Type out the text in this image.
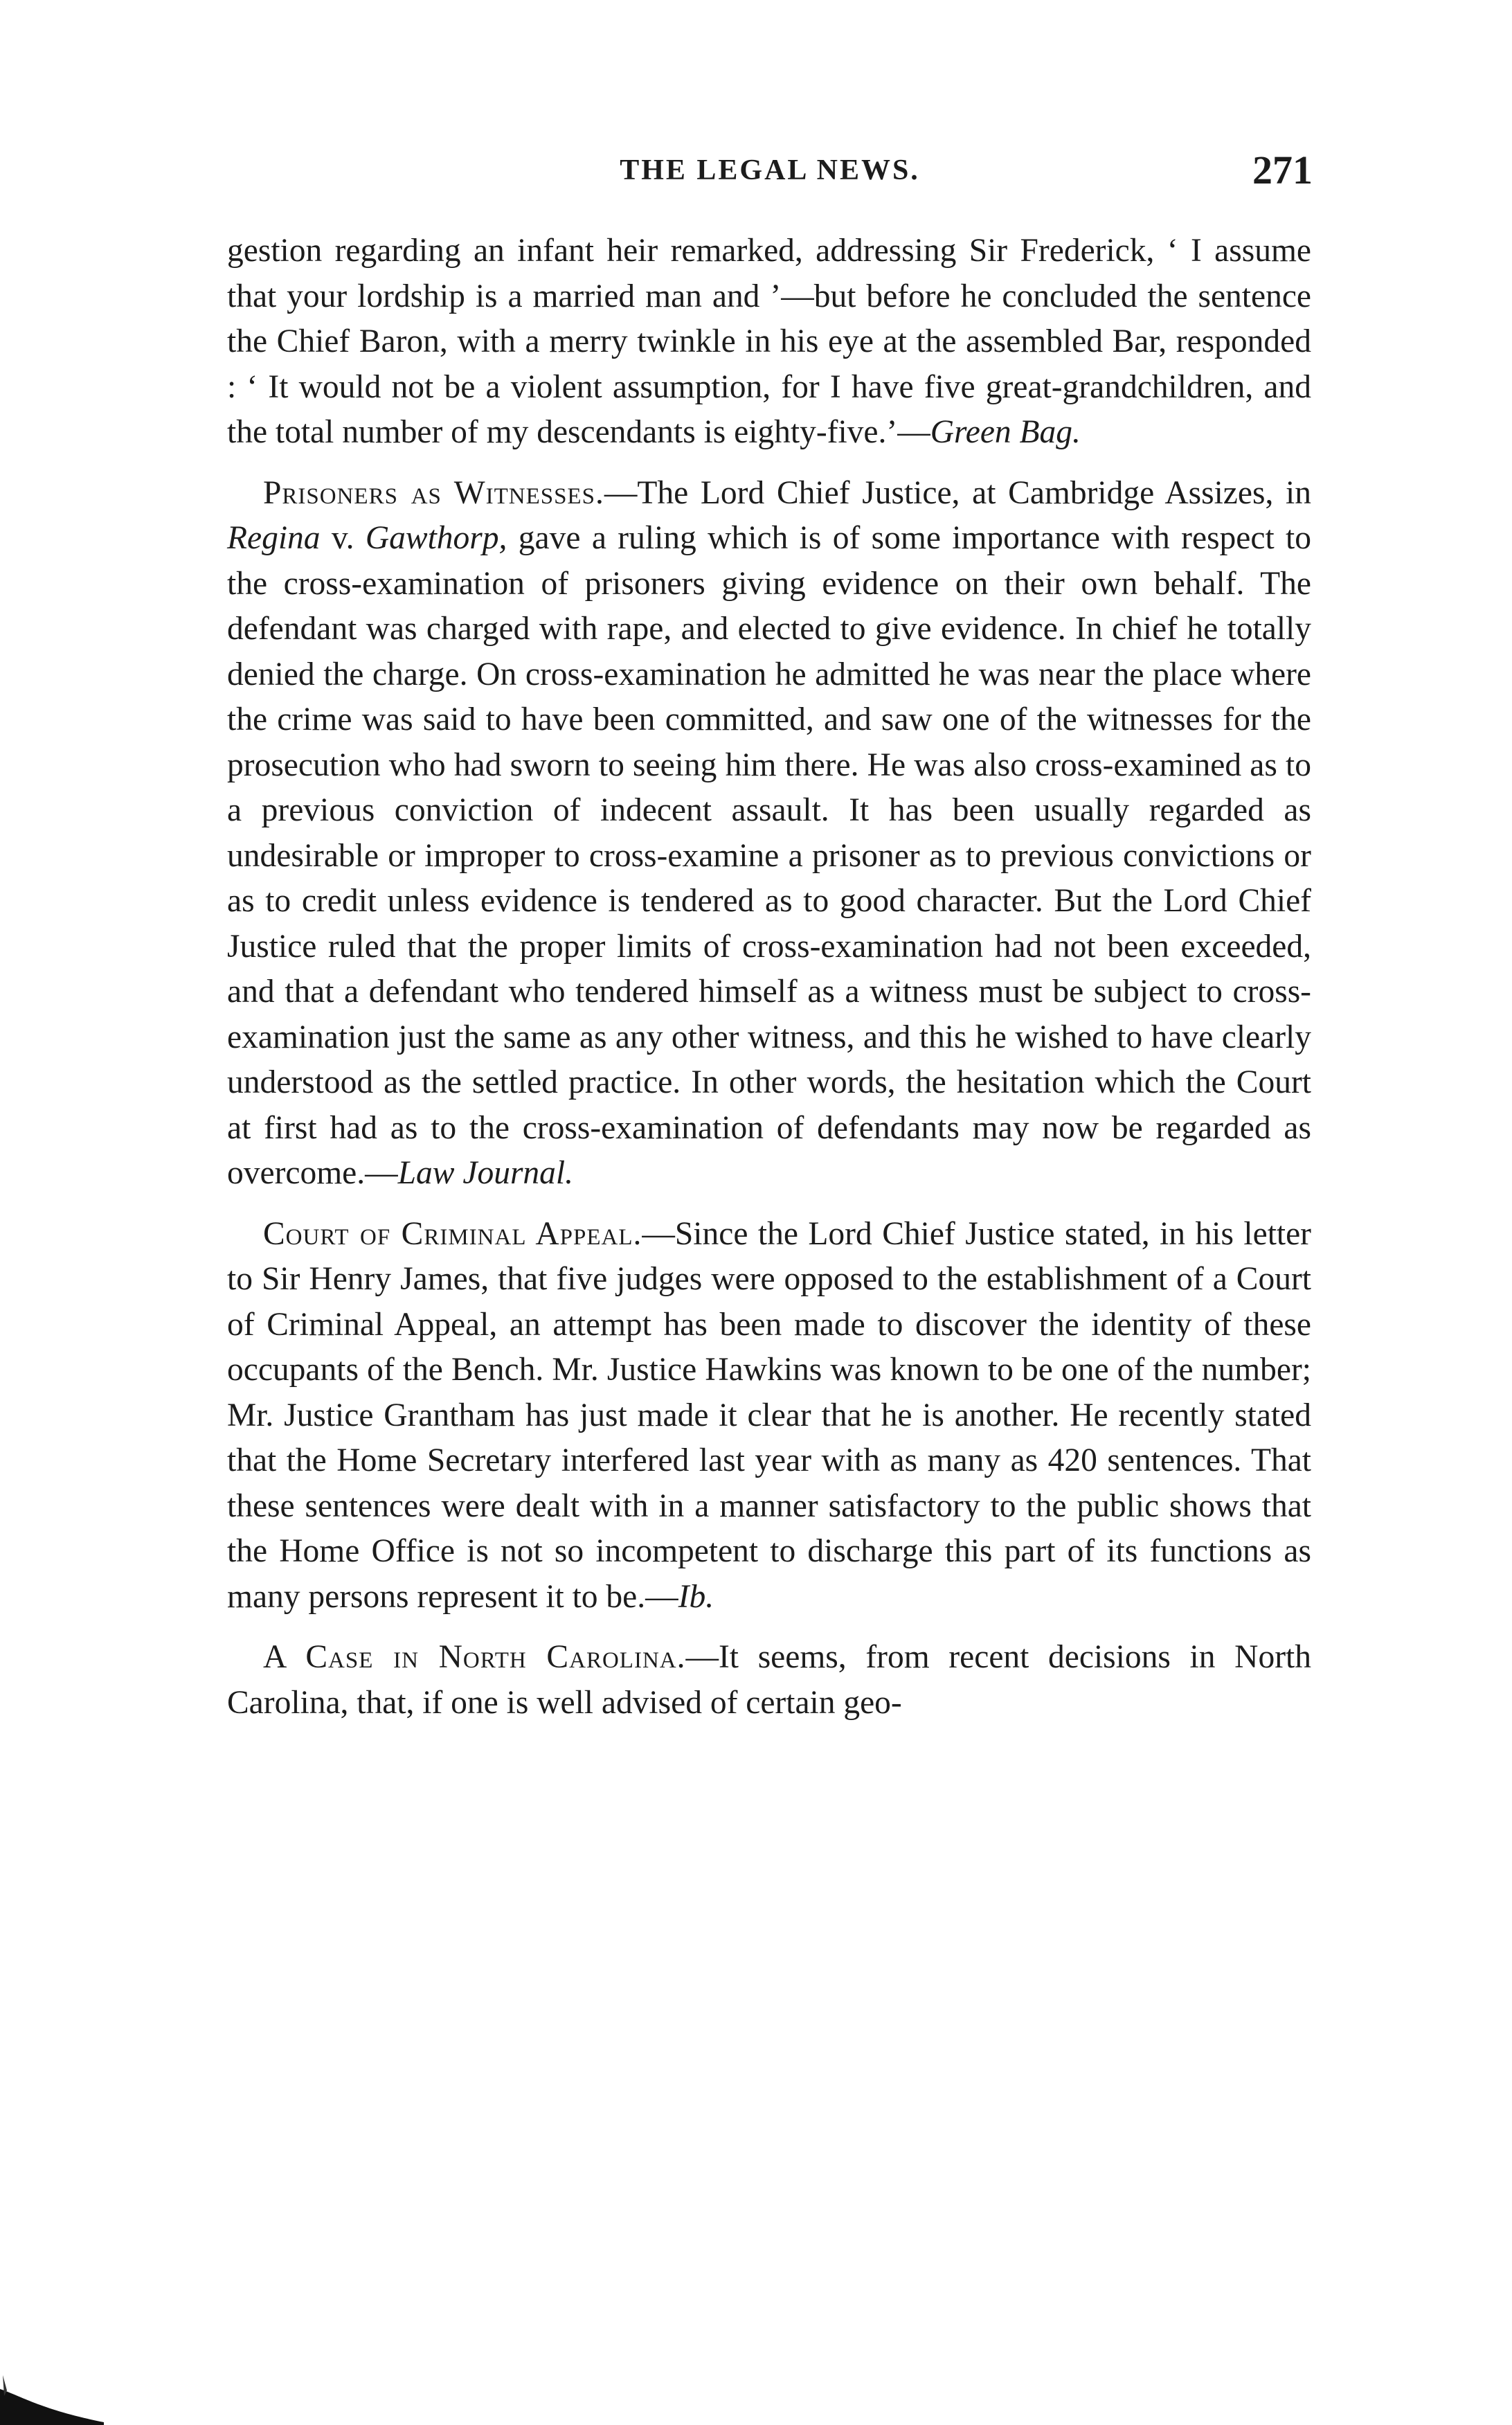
THE LEGAL NEWS.	271

gestion regarding an infant heir remarked, addressing Sir Frederick, ‘ I assume that your lordship is a married man and ’—but before he concluded the sentence the Chief Baron, with a merry twinkle in his eye at the assembled Bar, responded : ‘ It would not be a violent assumption, for I have five great-grandchildren, and the total number of my descendants is eighty-five.’—Green Bag.

Prisoners as Witnesses.—The Lord Chief Justice, at Cambridge Assizes, in Regina v. Gawthorp, gave a ruling which is of some importance with respect to the cross-examination of prisoners giving evidence on their own behalf. The defendant was charged with rape, and elected to give evidence. In chief he totally denied the charge. On cross-examination he admitted he was near the place where the crime was said to have been committed, and saw one of the witnesses for the prosecution who had sworn to seeing him there. He was also cross-examined as to a previous conviction of indecent assault. It has been usually regarded as undesirable or improper to cross-examine a prisoner as to previous convictions or as to credit unless evidence is tendered as to good character. But the Lord Chief Justice ruled that the proper limits of cross-examination had not been exceeded, and that a defendant who tendered himself as a witness must be subject to cross-examination just the same as any other witness, and this he wished to have clearly understood as the settled practice. In other words, the hesitation which the Court at first had as to the cross-examination of defendants may now be regarded as overcome.—Law Journal.

Court of Criminal Appeal.—Since the Lord Chief Justice stated, in his letter to Sir Henry James, that five judges were opposed to the establishment of a Court of Criminal Appeal, an attempt has been made to discover the identity of these occupants of the Bench. Mr. Justice Hawkins was known to be one of the number; Mr. Justice Grantham has just made it clear that he is another. He recently stated that the Home Secretary interfered last year with as many as 420 sentences. That these sentences were dealt with in a manner satisfactory to the public shows that the Home Office is not so incompetent to discharge this part of its functions as many persons represent it to be.—Ib.

A Case in North Carolina.—It seems, from recent decisions in North Carolina, that, if one is well advised of certain geo-
